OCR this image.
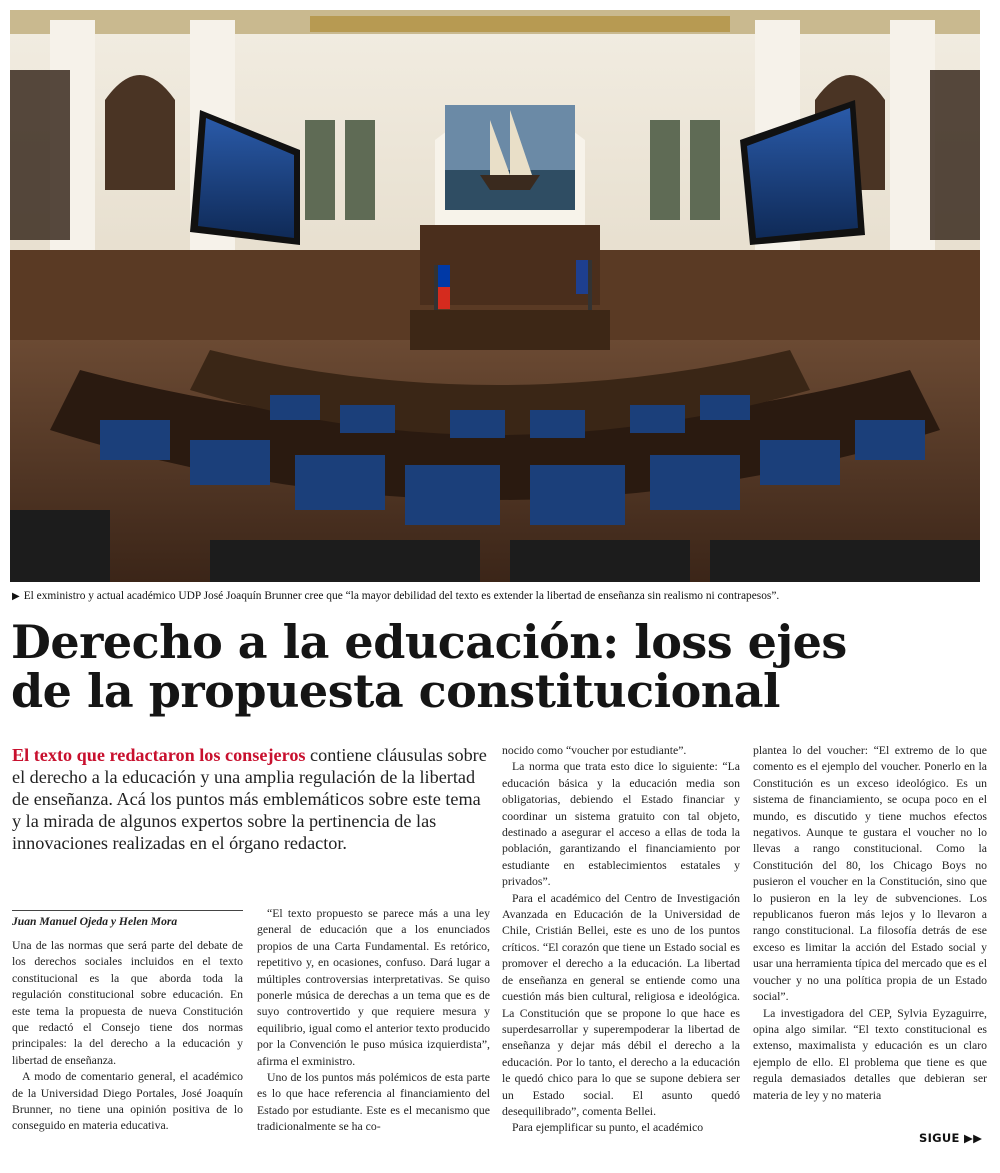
▶ El exministro y actual académico UDP José Joaquín Brunner cree que “la mayor debilidad del texto es extender la libertad de enseñanza sin realismo ni contrapesos”.
Derecho a la educación: loss ejes
de la propuesta constitucional
El texto que redactaron los consejeros contiene cláusulas sobre el derecho a la educación y una amplia regulación de la libertad de enseñanza. Acá los puntos más emblemáticos sobre este tema y la mirada de algunos expertos sobre la pertinencia de las innovaciones realizadas en el órgano redactor.
Juan Manuel Ojeda y Helen Mora

Una de las normas que será parte del debate de los derechos sociales incluidos en el texto constitucional es la que aborda toda la regulación constitucional sobre educación. En este tema la propuesta de nueva Constitución que redactó el Consejo tiene dos normas principales: la del derecho a la educación y libertad de enseñanza.

A modo de comentario general, el académico de la Universidad Diego Portales, José Joaquín Brunner, no tiene una opinión positiva de lo conseguido en materia educativa.

“El texto propuesto se parece más a una ley general de educación que a los enunciados propios de una Carta Fundamental. Es retórico, repetitivo y, en ocasiones, confuso. Dará lugar a múltiples controversias interpretativas. Se quiso ponerle música de derechas a un tema que es de suyo controvertido y que requiere mesura y equilibrio, igual como el anterior texto producido por la Convención le puso música izquierdista”, afirma el exministro.

Uno de los puntos más polémicos de esta parte es lo que hace referencia al financiamiento del Estado por estudiante. Este es el mecanismo que tradicionalmente se ha co-

nocido como “voucher por estudiante”.

La norma que trata esto dice lo siguiente: “La educación básica y la educación media son obligatorias, debiendo el Estado financiar y coordinar un sistema gratuito con tal objeto, destinado a asegurar el acceso a ellas de toda la población, garantizando el financiamiento por estudiante en establecimientos estatales y privados”.

Para el académico del Centro de Investigación Avanzada en Educación de la Universidad de Chile, Cristián Bellei, este es uno de los puntos críticos. “El corazón que tiene un Estado social es promover el derecho a la educación. La libertad de enseñanza en general se entiende como una cuestión más bien cultural, religiosa e ideológica. La Constitución que se propone lo que hace es superdesarrollar y superempoderar la libertad de enseñanza y dejar más débil el derecho a la educación. Por lo tanto, el derecho a la educación le quedó chico para lo que se supone debiera ser un Estado social. El asunto quedó desequilibrado”, comenta Bellei.

Para ejemplificar su punto, el académico

plantea lo del voucher: “El extremo de lo que comento es el ejemplo del voucher. Ponerlo en la Constitución es un exceso ideológico. Es un sistema de financiamiento, se ocupa poco en el mundo, es discutido y tiene muchos efectos negativos. Aunque te gustara el voucher no lo llevas a rango constitucional. Como la Constitución del 80, los Chicago Boys no pusieron el voucher en la Constitución, sino que lo pusieron en la ley de subvenciones. Los republicanos fueron más lejos y lo llevaron a rango constitucional. La filosofía detrás de ese exceso es limitar la acción del Estado social y usar una herramienta típica del mercado que es el voucher y no una política propia de un Estado social”.

La investigadora del CEP, Sylvia Eyzaguirre, opina algo similar. “El texto constitucional es extenso, maximalista y educación es un claro ejemplo de ello. El problema que tiene es que regula demasiados detalles que debieran ser materia de ley y no materia

SIGUE ▶▶
